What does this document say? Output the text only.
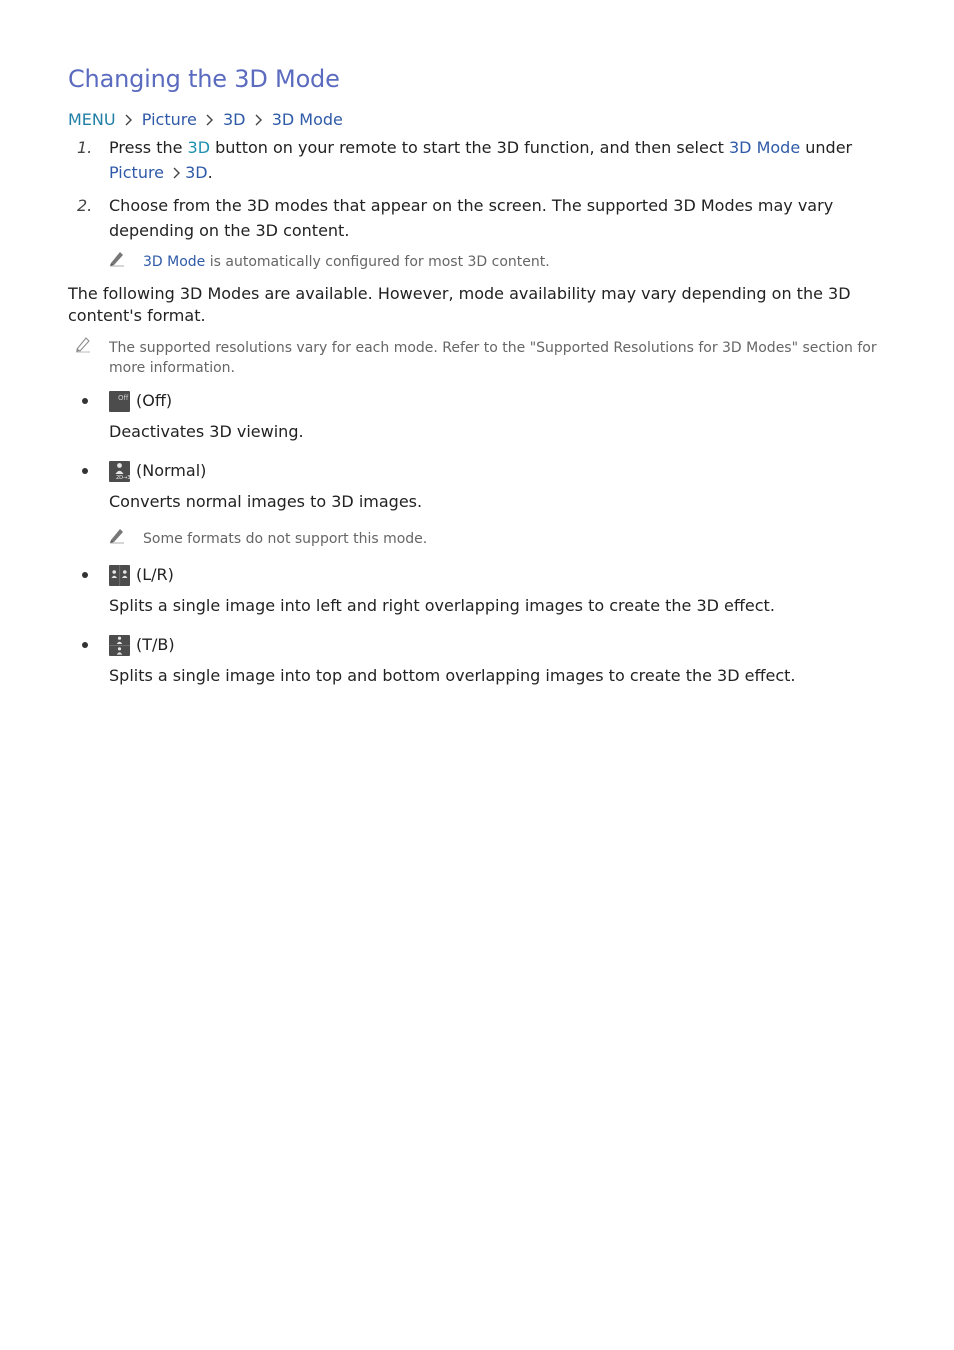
Changing the 3D Mode
MENU Picture 3D 3D Mode
1. Press the 3D button on your remote to start the 3D function, and then select 3D Mode under Picture 3D.
2. Choose from the 3D modes that appear on the screen. The supported 3D Modes may vary depending on the 3D content.
3D Mode is automatically configured for most 3D content.
The following 3D Modes are available. However, mode availability may vary depending on the 3D content's format.
The supported resolutions vary for each mode. Refer to the "Supported Resolutions for 3D Modes" section for more information.
Off (Off)
Deactivates 3D viewing.
2D→3D (Normal)
Converts normal images to 3D images.
Some formats do not support this mode.
(L/R)
Splits a single image into left and right overlapping images to create the 3D effect.
(T/B)
Splits a single image into top and bottom overlapping images to create the 3D effect.
